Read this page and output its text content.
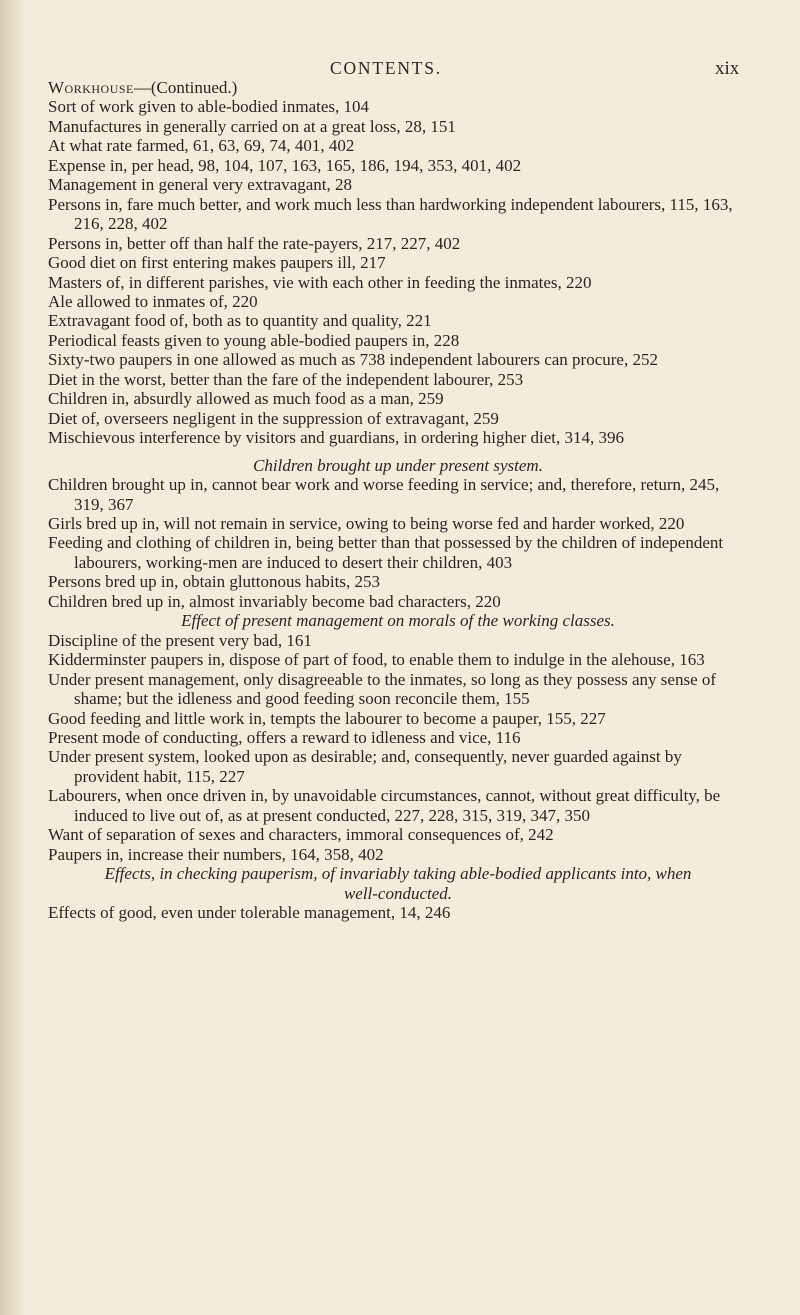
CONTENTS.	xix

Workhouse—(Continued.)

Sort of work given to able-bodied inmates, 104

Manufactures in generally carried on at a great loss, 28, 151

At what rate farmed, 61, 63, 69, 74, 401, 402

Expense in, per head, 98, 104, 107, 163, 165, 186, 194, 353, 401, 402

Management in general very extravagant, 28

Persons in, fare much better, and work much less than hardworking independent labourers, 115, 163, 216, 228, 402

Persons in, better off than half the rate-payers, 217, 227, 402

Good diet on first entering makes paupers ill, 217

Masters of, in different parishes, vie with each other in feeding the inmates, 220

Ale allowed to inmates of, 220

Extravagant food of, both as to quantity and quality, 221

Periodical feasts given to young able-bodied paupers in, 228

Sixty-two paupers in one allowed as much as 738 independent labourers can procure, 252

Diet in the worst, better than the fare of the independent labourer, 253

Children in, absurdly allowed as much food as a man, 259

Diet of, overseers negligent in the suppression of extravagant, 259

Mischievous interference by visitors and guardians, in ordering higher diet, 314, 396

Children brought up under present system.

Children brought up in, cannot bear work and worse feeding in service; and, therefore, return, 245, 319, 367

Girls bred up in, will not remain in service, owing to being worse fed and harder worked, 220

Feeding and clothing of children in, being better than that possessed by the children of independent labourers, working-men are induced to desert their children, 403

Persons bred up in, obtain gluttonous habits, 253

Children bred up in, almost invariably become bad characters, 220

Effect of present management on morals of the working classes.

Discipline of the present very bad, 161

Kidderminster paupers in, dispose of part of food, to enable them to indulge in the alehouse, 163

Under present management, only disagreeable to the inmates, so long as they possess any sense of shame; but the idleness and good feeding soon reconcile them, 155

Good feeding and little work in, tempts the labourer to become a pauper, 155, 227

Present mode of conducting, offers a reward to idleness and vice, 116

Under present system, looked upon as desirable; and, consequently, never guarded against by provident habit, 115, 227

Labourers, when once driven in, by unavoidable circumstances, cannot, without great difficulty, be induced to live out of, as at present conducted, 227, 228, 315, 319, 347, 350

Want of separation of sexes and characters, immoral consequences of, 242

Paupers in, increase their numbers, 164, 358, 402

Effects, in checking pauperism, of invariably taking able-bodied applicants into, when well-conducted.

Effects of good, even under tolerable management, 14, 246
